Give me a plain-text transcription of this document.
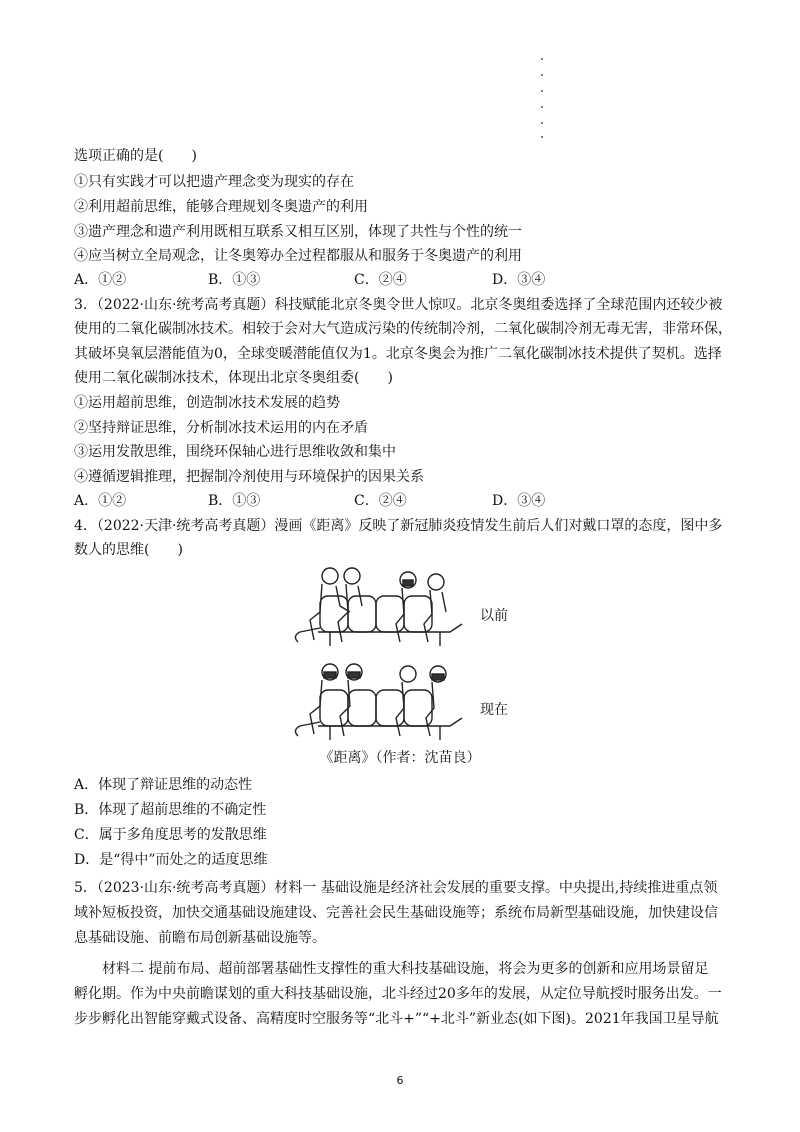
选项正确的是(　　)
①只有实践才可以把遗产理念变为现实的存在
②利用超前思维，能够合理规划冬奥遗产的利用
③遗产理念和遗产利用既相互联系又相互区别，体现了共性与个性的统一
④应当树立全局观念，让冬奥筹办全过程都服从和服务于冬奥遗产的利用
A．①②	B．①③	C．②④	D．③④
3．（2022·山东·统考高考真题）科技赋能北京冬奥令世人惊叹。北京冬奥组委选择了全球范围内还较少被
使用的二氧化碳制冰技术。相较于会对大气造成污染的传统制冷剂，二氧化碳制冷剂无毒无害，非常环保，
其破坏臭氧层潜能值为0，全球变暖潜能值仅为1。北京冬奥会为推广二氧化碳制冰技术提供了契机。选择
使用二氧化碳制冰技术，体现出北京冬奥组委(　　)
①运用超前思维，创造制冰技术发展的趋势
②坚持辩证思维，分析制冰技术运用的内在矛盾
③运用发散思维，围绕环保轴心进行思维收敛和集中
④遵循逻辑推理，把握制冷剂使用与环境保护的因果关系
A．①②	B．①③	C．②④	D．③④
4．（2022·天津·统考高考真题）漫画《距离》反映了新冠肺炎疫情发生前后人们对戴口罩的态度，图中多
数人的思维(　　)
以前
现在
《距离》（作者：沈苗良）
A．体现了辩证思维的动态性
B．体现了超前思维的不确定性
C．属于多角度思考的发散思维
D．是“得中”而处之的适度思维
5．（2023·山东·统考高考真题）材料一 基础设施是经济社会发展的重要支撑。中央提出,持续推进重点领
域补短板投资，加快交通基础设施建设、完善社会民生基础设施等；系统布局新型基础设施，加快建设信
息基础设施、前瞻布局创新基础设施等。
材料二 提前布局、超前部署基础性支撑性的重大科技基础设施，将会为更多的创新和应用场景留足
孵化期。作为中央前瞻谋划的重大科技基础设施，北斗经过20多年的发展，从定位导航授时服务出发。一
步步孵化出智能穿戴式设备、高精度时空服务等“北斗+”“+北斗”新业态(如下图)。2021年我国卫星导航
6
